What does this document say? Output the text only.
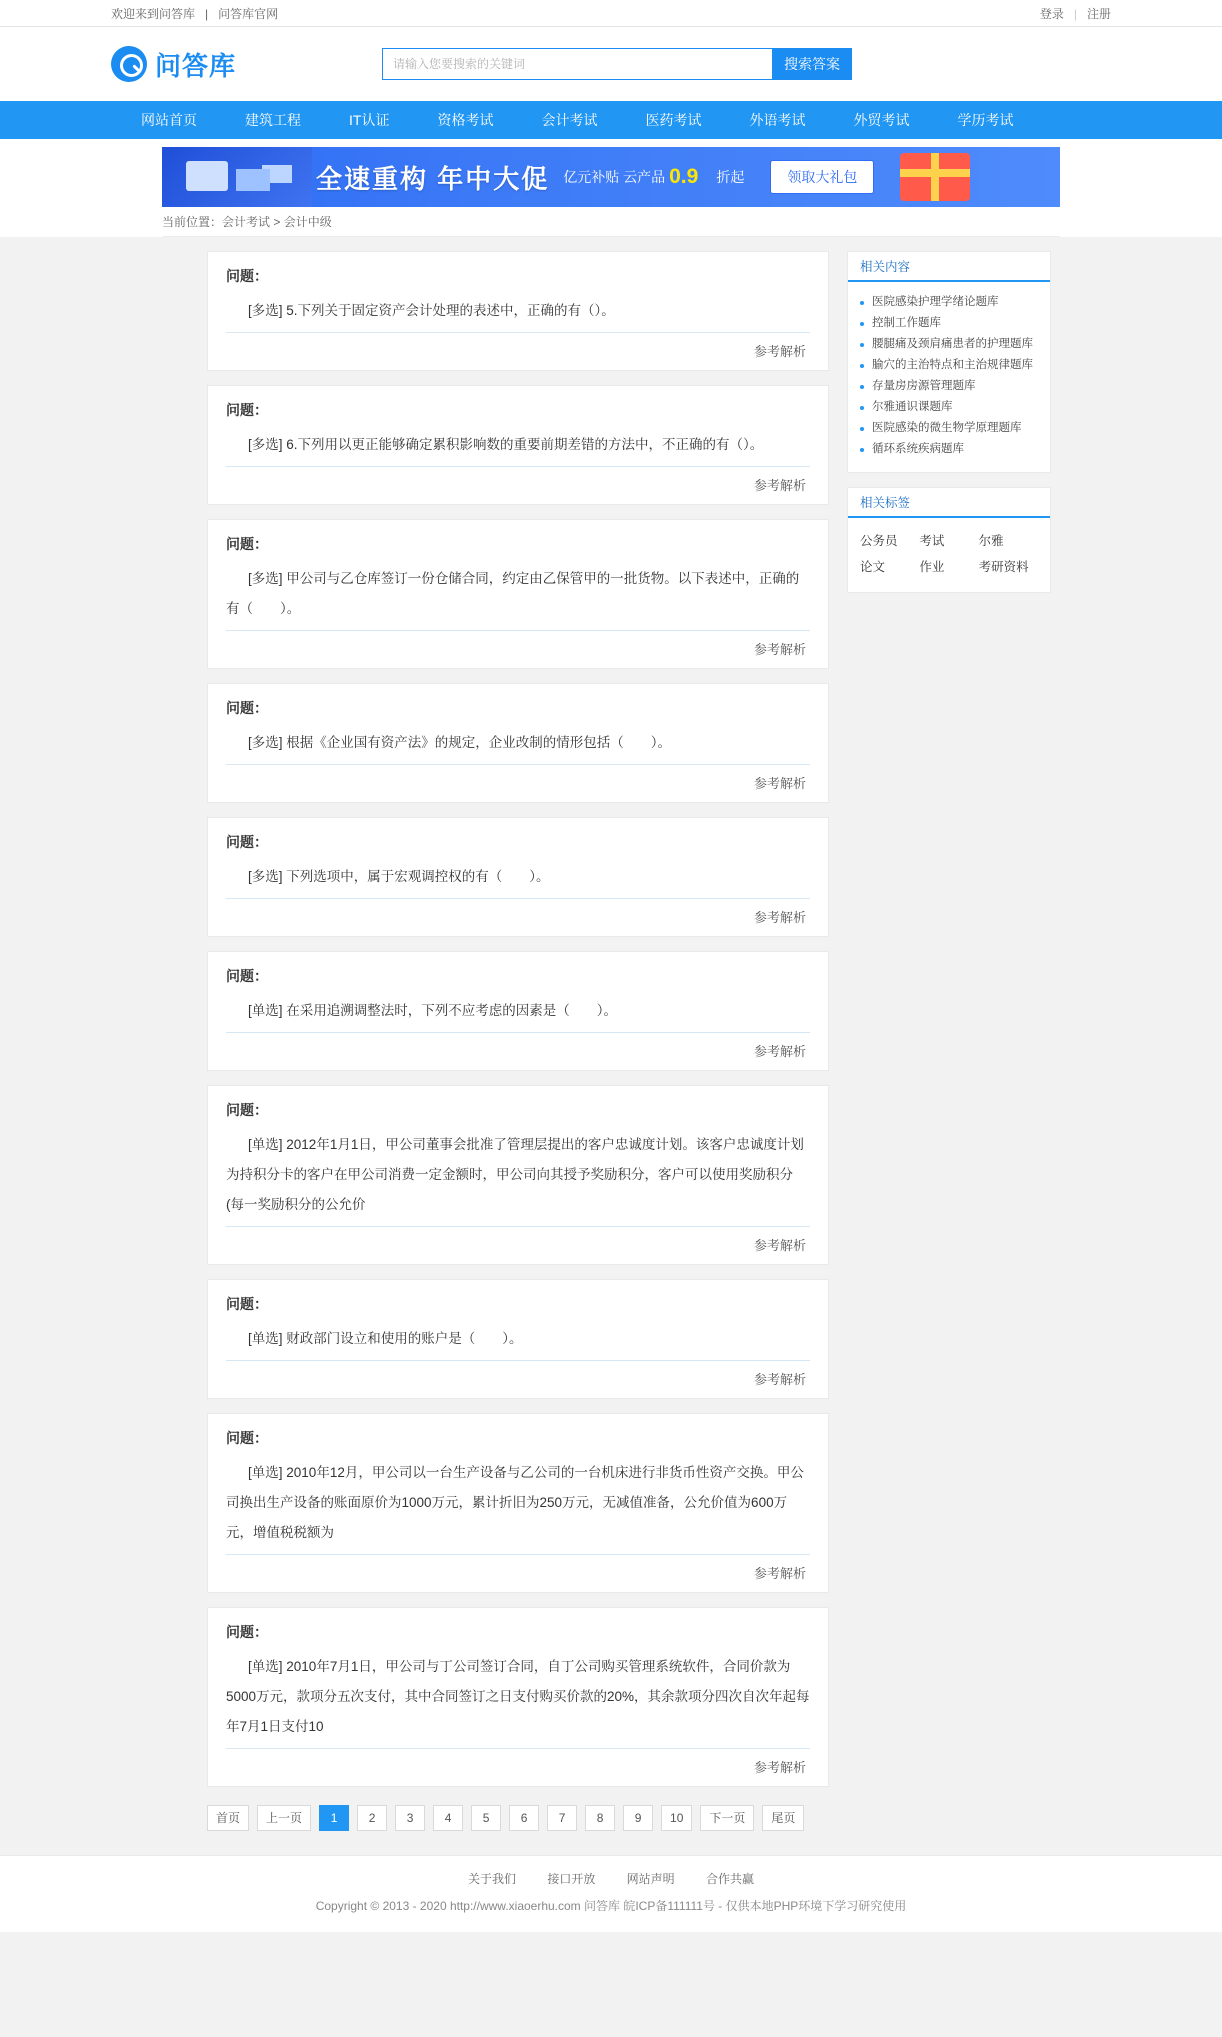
欢迎来到问答库 | 问答库官网	登录 | 注册
问答库
请输入您要搜索的关键词	搜索答案
网站首页	建筑工程	IT认证	资格考试	会计考试	医药考试	外语考试	外贸考试	学历考试
全速重构 年中大促 亿元补贴 云产品 0.9 折起	领取大礼包
当前位置：会计考试 > 会计中级
问题：
[多选] 5.下列关于固定资产会计处理的表述中，正确的有（）。
参考解析
问题：
[多选] 6.下列用以更正能够确定累积影响数的重要前期差错的方法中，不正确的有（）。
参考解析
问题：
[多选] 甲公司与乙仓库签订一份仓储合同，约定由乙保管甲的一批货物。以下表述中，正确的有（　　）。
参考解析
问题：
[多选] 根据《企业国有资产法》的规定，企业改制的情形包括（　　）。
参考解析
问题：
[多选] 下列选项中，属于宏观调控权的有（　　）。
参考解析
问题：
[单选] 在采用追溯调整法时，下列不应考虑的因素是（　　）。
参考解析
问题：
[单选] 2012年1月1日，甲公司董事会批准了管理层提出的客户忠诚度计划。该客户忠诚度计划为持积分卡的客户在甲公司消费一定金额时，甲公司向其授予奖励积分，客户可以使用奖励积分(每一奖励积分的公允价
参考解析
问题：
[单选] 财政部门设立和使用的账户是（　　）。
参考解析
问题：
[单选] 2010年12月，甲公司以一台生产设备与乙公司的一台机床进行非货币性资产交换。甲公司换出生产设备的账面原价为1000万元，累计折旧为250万元，无减值准备，公允价值为600万元，增值税税额为
参考解析
问题：
[单选] 2010年7月1日，甲公司与丁公司签订合同，自丁公司购买管理系统软件，合同价款为5000万元，款项分五次支付，其中合同签订之日支付购买价款的20%，其余款项分四次自次年起每年7月1日支付10
参考解析
相关内容
医院感染护理学绪论题库
控制工作题库
腰腿痛及颈肩痛患者的护理题库
腧穴的主治特点和主治规律题库
存量房房源管理题库
尔雅通识课题库
医院感染的微生物学原理题库
循环系统疾病题库
相关标签
公务员	考试	尔雅
论文	作业	考研资料
首页	上一页	1	2	3	4	5	6	7	8	9	10	下一页	尾页
关于我们	接口开放	网站声明	合作共赢
Copyright © 2013 - 2020 http://www.xiaoerhu.com 问答库 皖ICP备111111号 - 仅供本地PHP环境下学习研究使用
